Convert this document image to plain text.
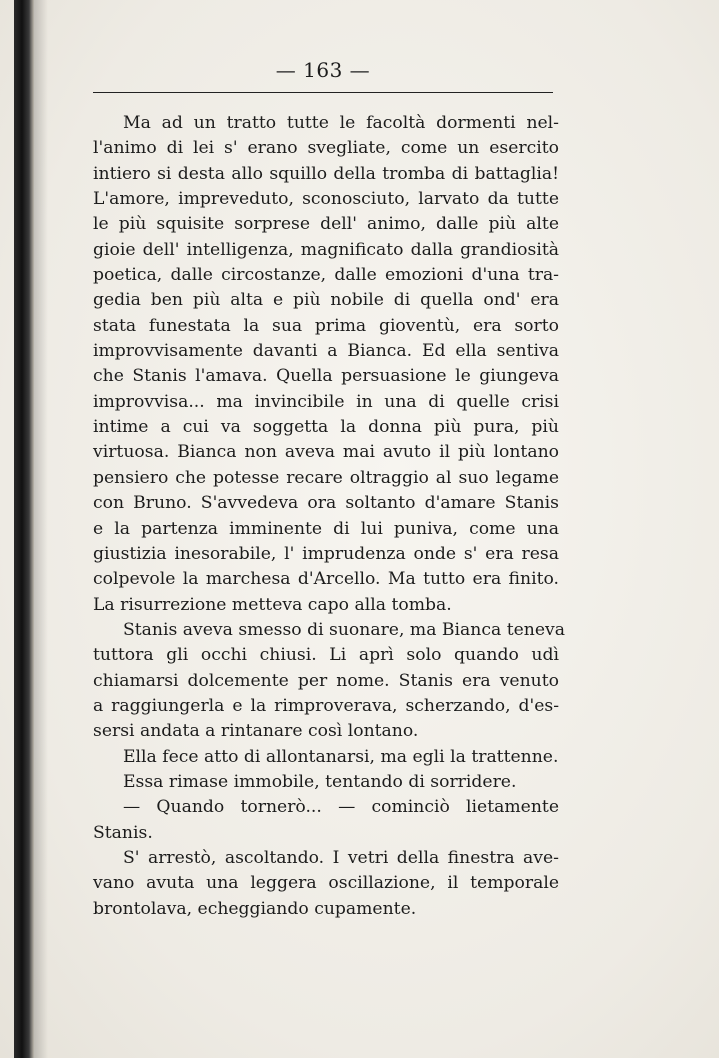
— 163 —
Ma ad un tratto tutte le facoltà dormenti nel-
l'animo di lei s' erano svegliate, come un esercito
intiero si desta allo squillo della tromba di battaglia!
L'amore, impreveduto, sconosciuto, larvato da tutte
le più squisite sorprese dell' animo, dalle più alte
gioie dell' intelligenza, magnificato dalla grandiosità
poetica, dalle circostanze, dalle emozioni d'una tra-
gedia ben più alta e più nobile di quella ond' era
stata funestata la sua prima gioventù, era sorto
improvvisamente davanti a Bianca. Ed ella sentiva
che Stanis l'amava. Quella persuasione le giungeva
improvvisa... ma invincibile in una di quelle crisi
intime a cui va soggetta la donna più pura, più
virtuosa. Bianca non aveva mai avuto il più lontano
pensiero che potesse recare oltraggio al suo legame
con Bruno. S'avvedeva ora soltanto d'amare Stanis
e la partenza imminente di lui puniva, come una
giustizia inesorabile, l' imprudenza onde s' era resa
colpevole la marchesa d'Arcello. Ma tutto era finito.
La risurrezione metteva capo alla tomba.
Stanis aveva smesso di suonare, ma Bianca teneva
tuttora gli occhi chiusi. Li aprì solo quando udì
chiamarsi dolcemente per nome. Stanis era venuto
a raggiungerla e la rimproverava, scherzando, d'es-
sersi andata a rintanare così lontano.
Ella fece atto di allontanarsi, ma egli la trattenne.
Essa rimase immobile, tentando di sorridere.
— Quando tornerò... — cominciò lietamente
Stanis.
S' arrestò, ascoltando. I vetri della finestra ave-
vano avuta una leggera oscillazione, il temporale
brontolava, echeggiando cupamente.
